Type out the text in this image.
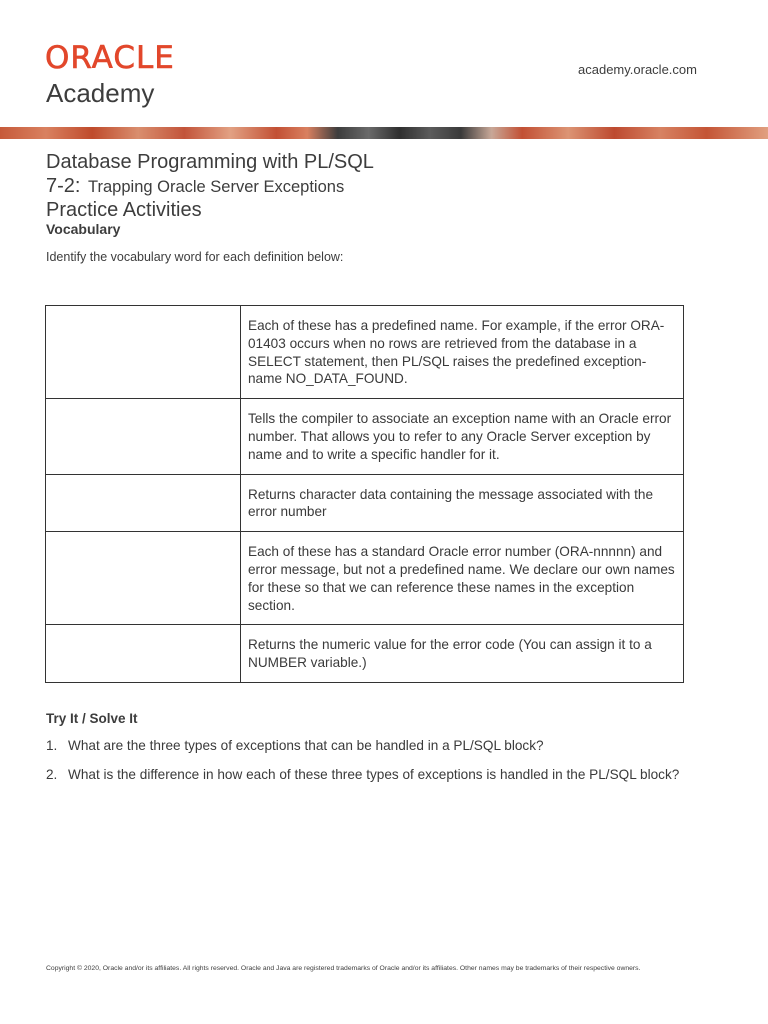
ORACLE
Academy
academy.oracle.com
Database Programming with PL/SQL
7-2: Trapping Oracle Server Exceptions
Practice Activities
Vocabulary
Identify the vocabulary word for each definition below:
	Each of these has a predefined name. For example, if the error ORA-01403 occurs when no rows are retrieved from the database in a SELECT statement, then PL/SQL raises the predefined exception-name NO_DATA_FOUND.
	Tells the compiler to associate an exception name with an Oracle error number. That allows you to refer to any Oracle Server exception by name and to write a specific handler for it.
	Returns character data containing the message associated with the error number
	Each of these has a standard Oracle error number (ORA-nnnnn) and error message, but not a predefined name. We declare our own names for these so that we can reference these names in the exception section.
	Returns the numeric value for the error code (You can assign it to a NUMBER variable.)
Try It / Solve It
1. What are the three types of exceptions that can be handled in a PL/SQL block?
2. What is the difference in how each of these three types of exceptions is handled in the PL/SQL block?
Copyright © 2020, Oracle and/or its affiliates. All rights reserved. Oracle and Java are registered trademarks of Oracle and/or its affiliates. Other names may be trademarks of their respective owners.
